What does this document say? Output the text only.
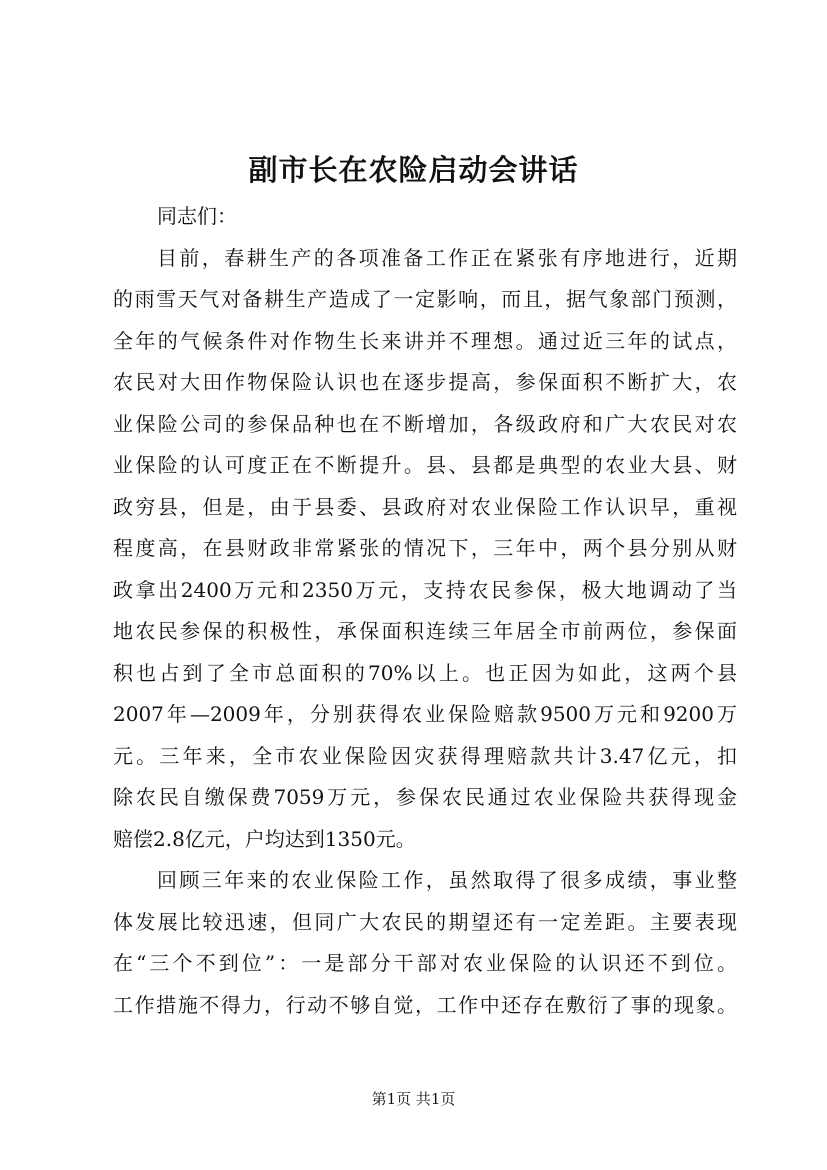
副市长在农险启动会讲话
同志们：
目前，春耕生产的各项准备工作正在紧张有序地进行，近期
的雨雪天气对备耕生产造成了一定影响，而且，据气象部门预测，
全年的气候条件对作物生长来讲并不理想。通过近三年的试点，
农民对大田作物保险认识也在逐步提高，参保面积不断扩大，农
业保险公司的参保品种也在不断增加，各级政府和广大农民对农
业保险的认可度正在不断提升。县、县都是典型的农业大县、财
政穷县，但是，由于县委、县政府对农业保险工作认识早，重视
程度高，在县财政非常紧张的情况下，三年中，两个县分别从财
政拿出2400万元和2350万元，支持农民参保，极大地调动了当
地农民参保的积极性，承保面积连续三年居全市前两位，参保面
积也占到了全市总面积的70%以上。也正因为如此，这两个县
2007年—2009年，分别获得农业保险赔款9500万元和9200万
元。三年来，全市农业保险因灾获得理赔款共计3.47亿元，扣
除农民自缴保费7059万元，参保农民通过农业保险共获得现金
赔偿2.8亿元，户均达到1350元。
回顾三年来的农业保险工作，虽然取得了很多成绩，事业整
体发展比较迅速，但同广大农民的期望还有一定差距。主要表现
在“三个不到位”：一是部分干部对农业保险的认识还不到位。
工作措施不得力，行动不够自觉，工作中还存在敷衍了事的现象。
第1页 共1页
